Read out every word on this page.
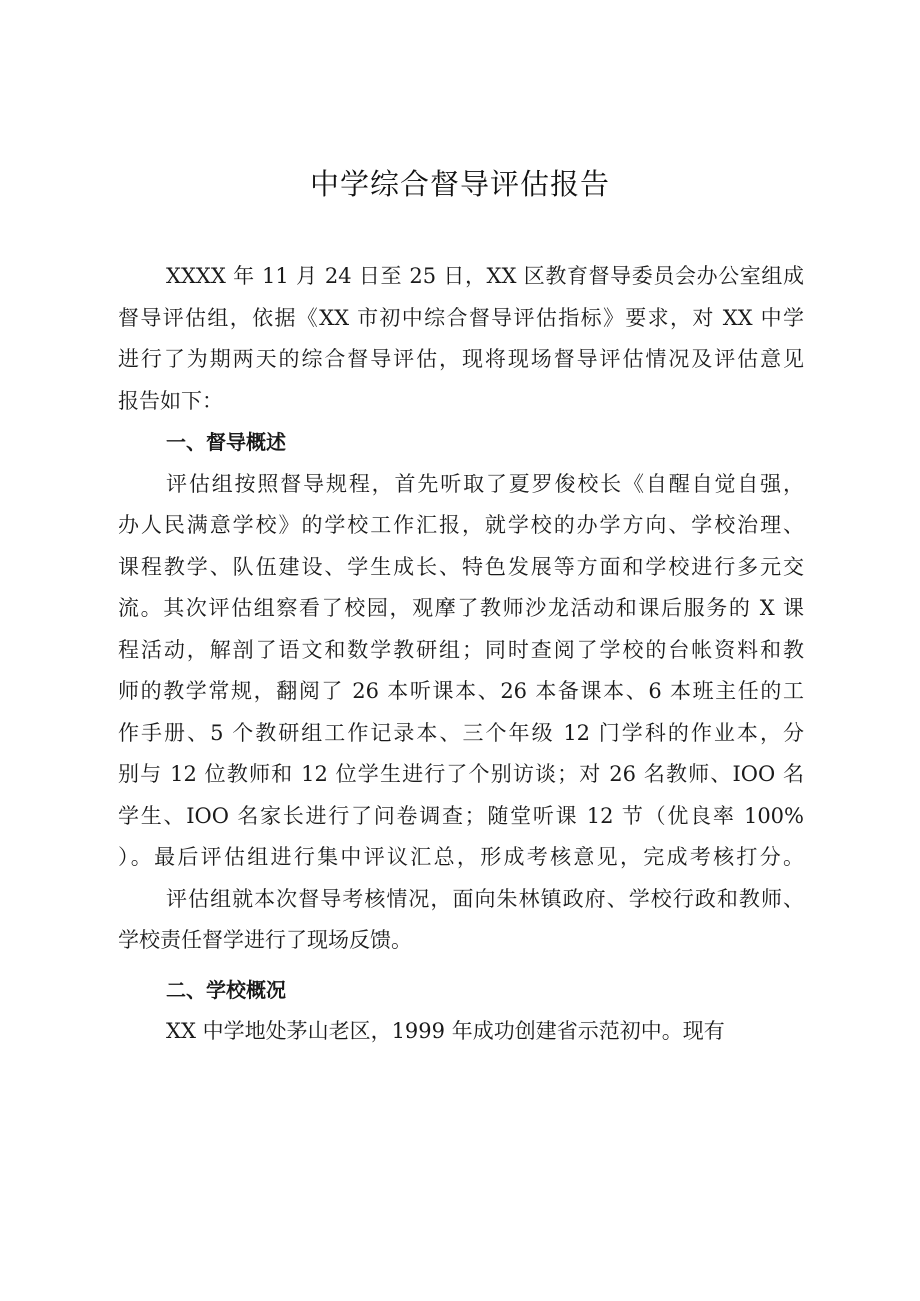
中学综合督导评估报告
XXXX 年 11 月 24 日至 25 日，XX 区教育督导委员会办公室组成
督导评估组，依据《XX 市初中综合督导评估指标》要求，对 XX 中学
进行了为期两天的综合督导评估，现将现场督导评估情况及评估意见
报告如下：
一、督导概述
评估组按照督导规程，首先听取了夏罗俊校长《自醒自觉自强，
办人民满意学校》的学校工作汇报，就学校的办学方向、学校治理、
课程教学、队伍建设、学生成长、特色发展等方面和学校进行多元交
流。其次评估组察看了校园，观摩了教师沙龙活动和课后服务的 X 课
程活动，解剖了语文和数学教研组；同时查阅了学校的台帐资料和教
师的教学常规，翻阅了 26 本听课本、26 本备课本、6 本班主任的工
作手册、5 个教研组工作记录本、三个年级 12 门学科的作业本，分
别与 12 位教师和 12 位学生进行了个别访谈；对 26 名教师、IOO 名
学生、IOO 名家长进行了问卷调查；随堂听课 12 节（优良率 100%
）。最后评估组进行集中评议汇总，形成考核意见，完成考核打分。
评估组就本次督导考核情况，面向朱林镇政府、学校行政和教师、
学校责任督学进行了现场反馈。
二、学校概况
XX 中学地处茅山老区，1999 年成功创建省示范初中。现有
